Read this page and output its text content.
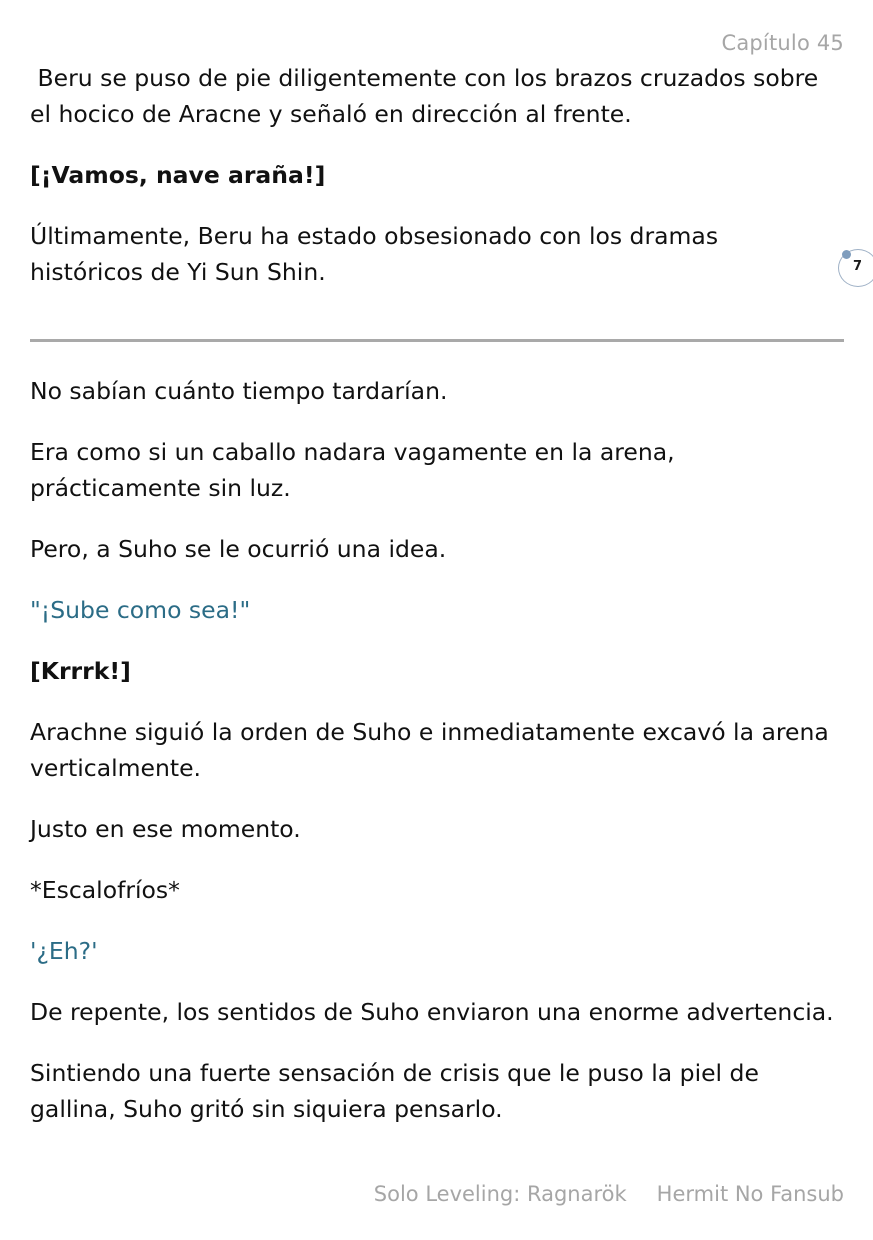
Capítulo 45

Beru se puso de pie diligentemente con los brazos cruzados sobre el hocico de Aracne y señaló en dirección al frente.

[¡Vamos, nave araña!]

Últimamente, Beru ha estado obsesionado con los dramas históricos de Yi Sun Shin.	7

No sabían cuánto tiempo tardarían.

Era como si un caballo nadara vagamente en la arena, prácticamente sin luz.

Pero, a Suho se le ocurrió una idea.

"¡Sube como sea!"

[Krrrk!]

Arachne siguió la orden de Suho e inmediatamente excavó la arena verticalmente.

Justo en ese momento.

*Escalofríos*

'¿Eh?'

De repente, los sentidos de Suho enviaron una enorme advertencia.

Sintiendo una fuerte sensación de crisis que le puso la piel de gallina, Suho gritó sin siquiera pensarlo.

Solo Leveling: Ragnarök Hermit No Fansub
